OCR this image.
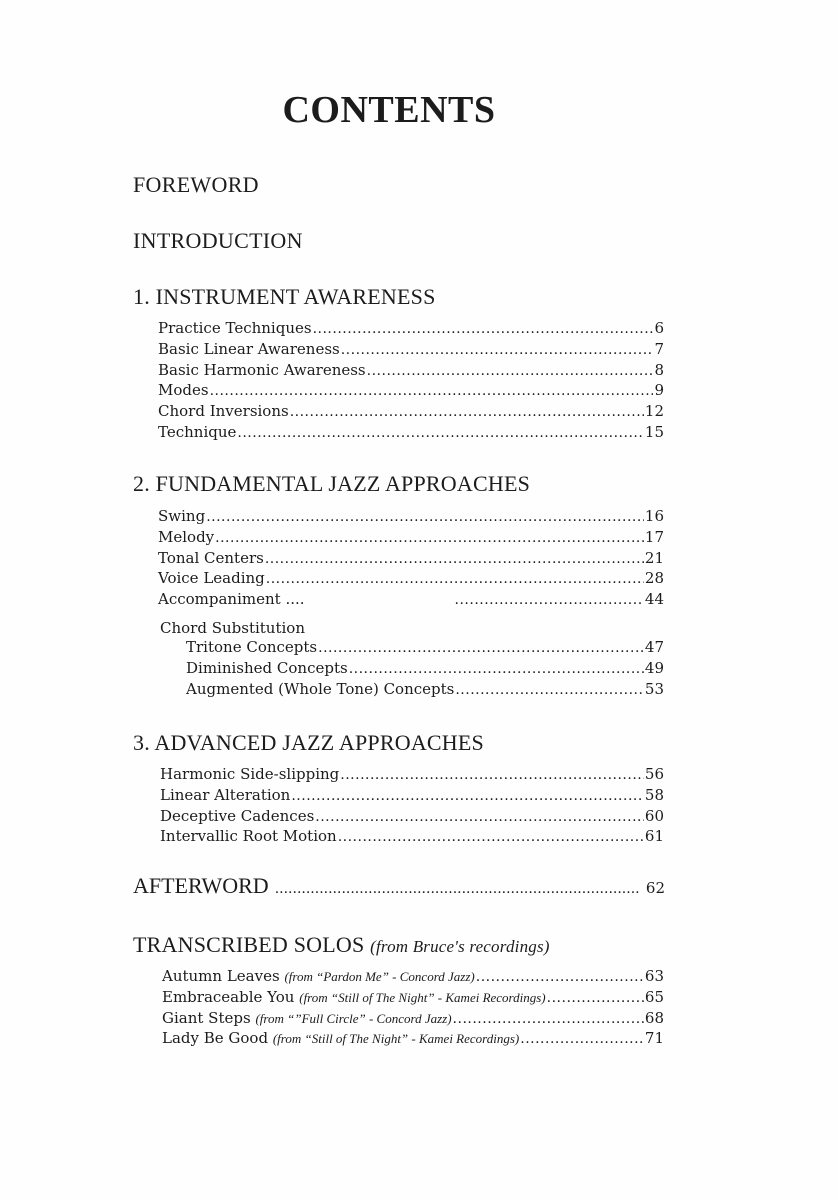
CONTENTS
FOREWORD
INTRODUCTION
1. INSTRUMENT AWARENESS
Practice Techniques .....	6
Basic Linear Awareness .....	7
Basic Harmonic Awareness .....	8
Modes .....	9
Chord Inversions .....	12
Technique .....	15
2. FUNDAMENTAL JAZZ APPROACHES
Swing .....	16
Melody .....	17
Tonal Centers .....	21
Voice Leading .....	28
Accompaniment .... .....	44

Chord Substitution

Tritone Concepts .....	47
Diminished Concepts .....	49
Augmented (Whole Tone) Concepts .....	53
3. ADVANCED JAZZ APPROACHES
Harmonic Side-slipping .....	56
Linear Alteration .....	58
Deceptive Cadences .....	60
Intervallic Root Motion .....	61
AFTERWORD .....	62
TRANSCRIBED SOLOS (from Bruce's recordings)
Autumn Leaves (from “Pardon Me” - Concord Jazz) .....	63
Embraceable You (from “Still of The Night” - Kamei Recordings) .....	65
Giant Steps (from “”Full Circle” - Concord Jazz) .....	68
Lady Be Good (from “Still of The Night” - Kamei Recordings) .....	71
